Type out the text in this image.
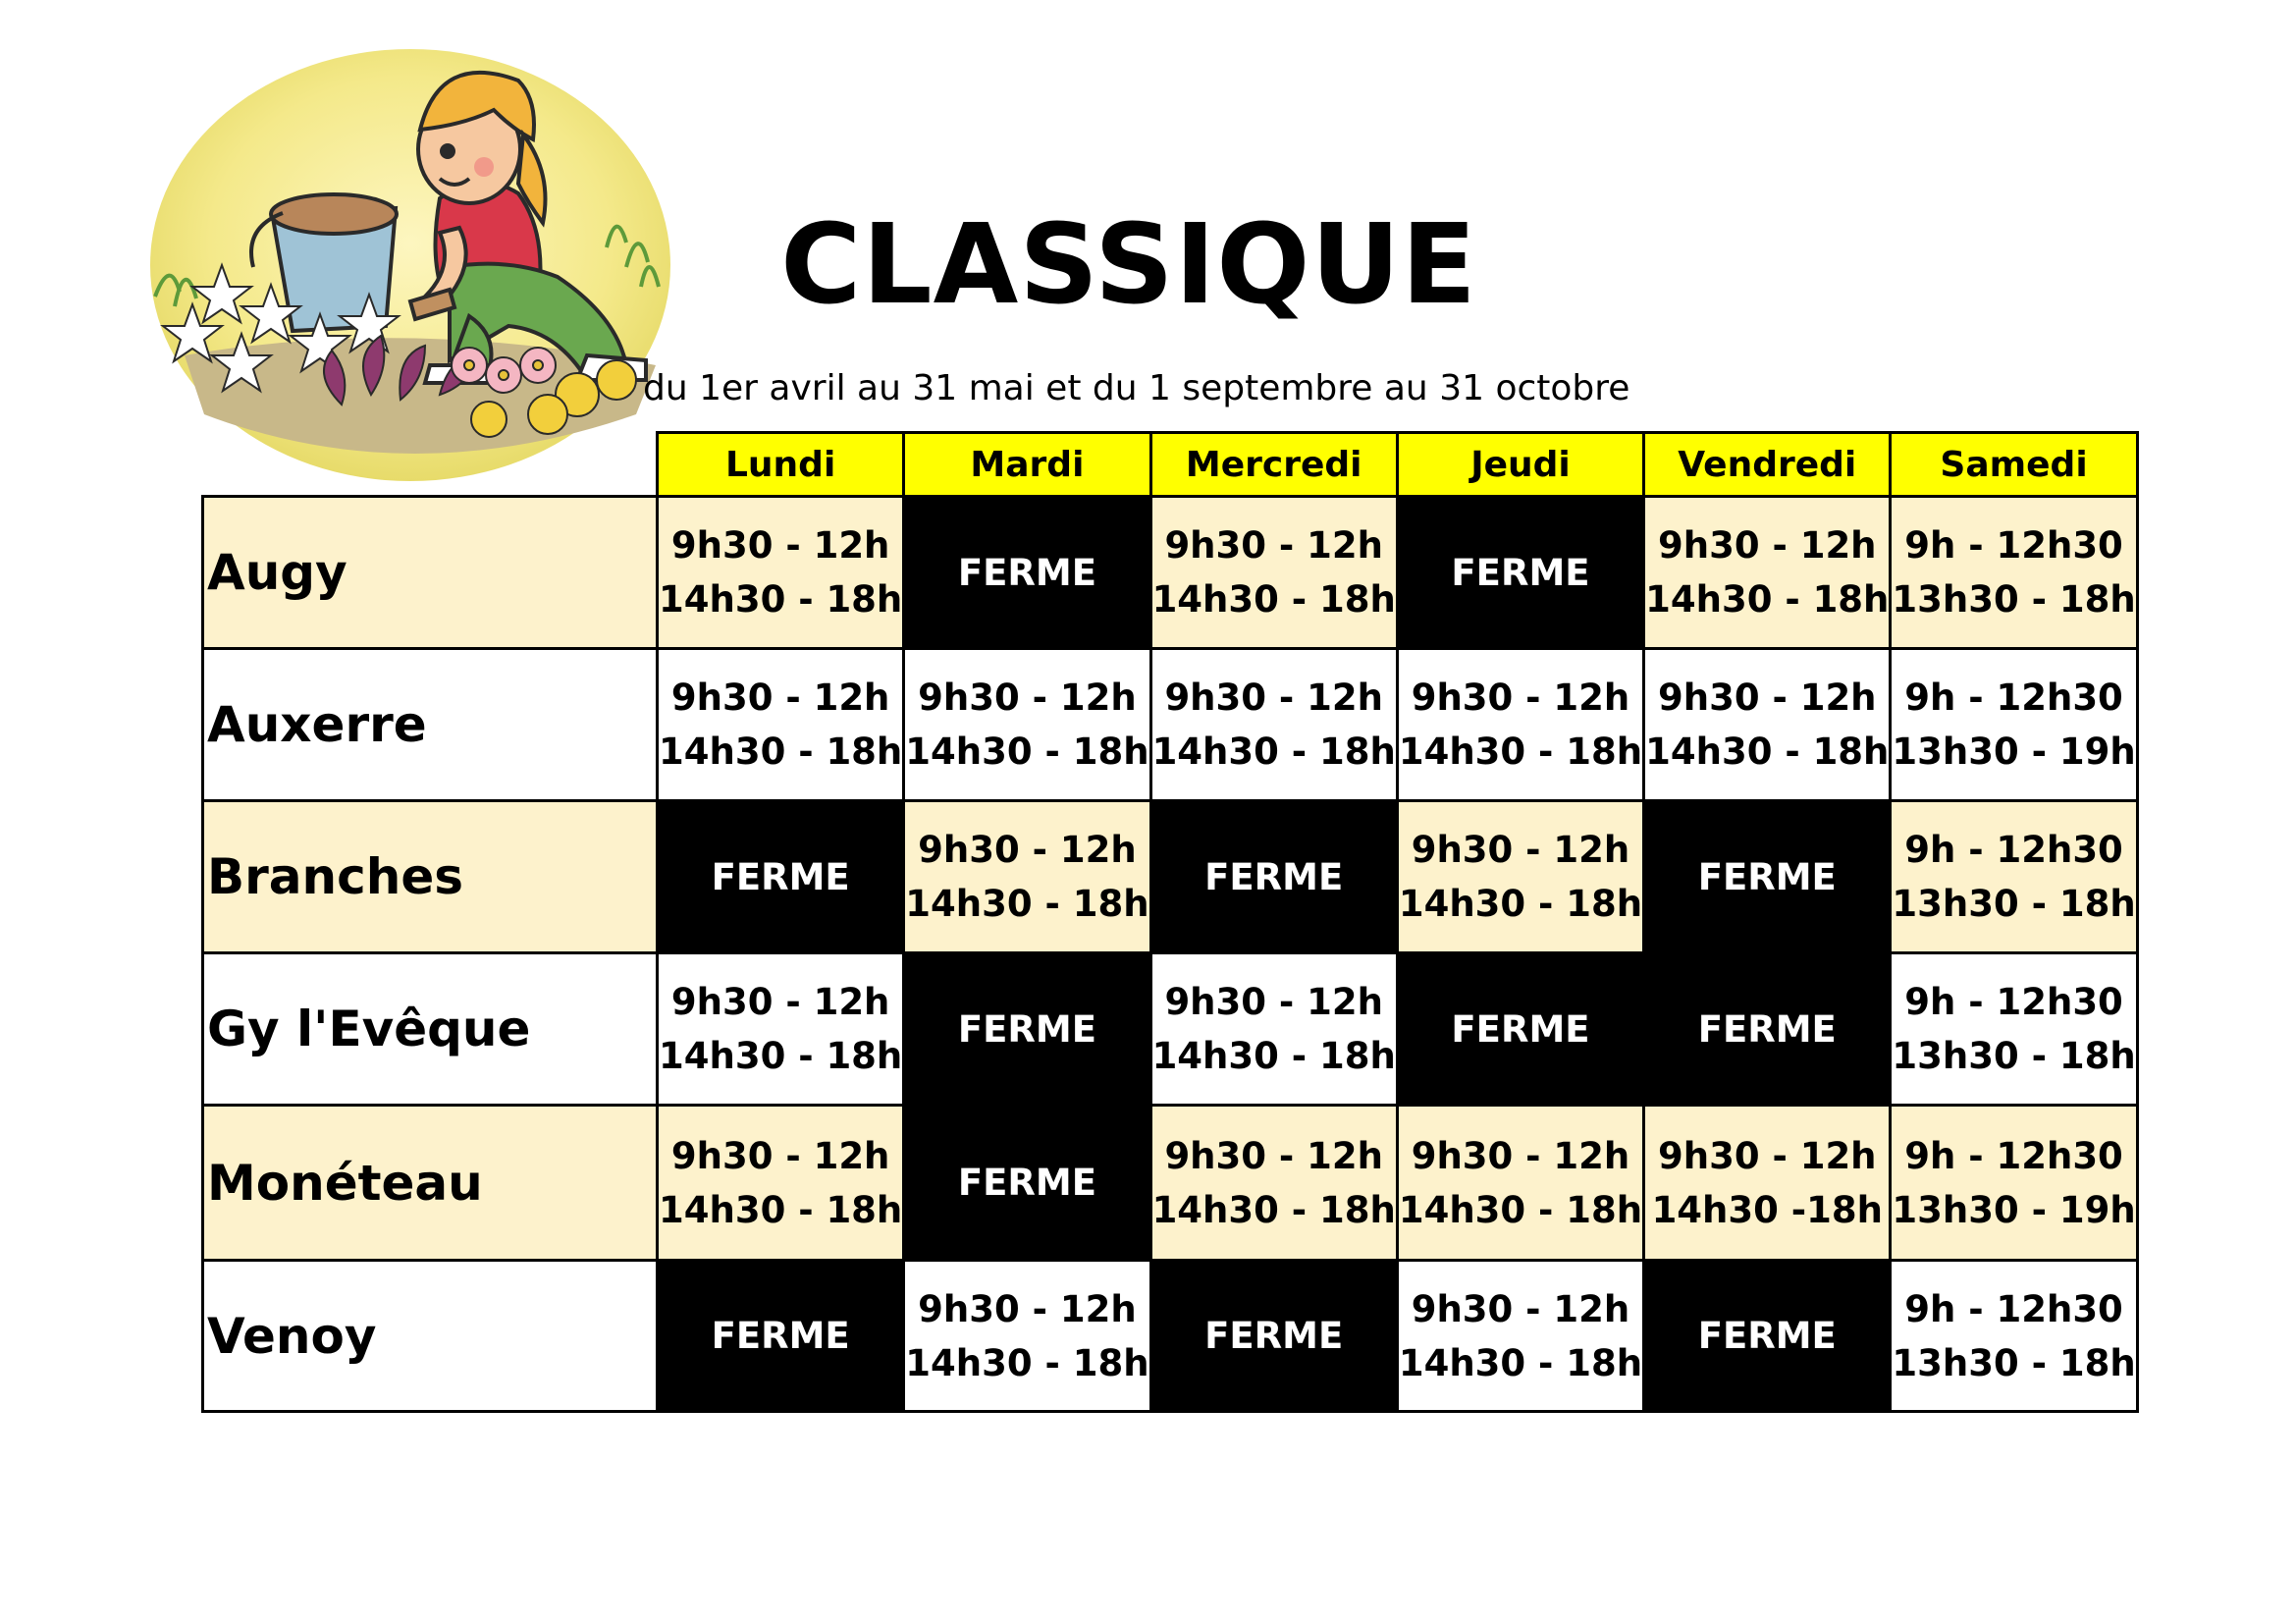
CLASSIQUE
du 1er avril au 31 mai et du 1 septembre au 31 octobre
	Lundi	Mardi	Mercredi	Jeudi	Vendredi	Samedi
Augy	9h30 - 12h
14h30 - 18h	FERME	9h30 - 12h
14h30 - 18h	FERME	9h30 - 12h
14h30 - 18h	9h - 12h30
13h30 - 18h

Auxerre	9h30 - 12h
14h30 - 18h	9h30 - 12h
14h30 - 18h	9h30 - 12h
14h30 - 18h	9h30 - 12h
14h30 - 18h	9h30 - 12h
14h30 - 18h	9h - 12h30
13h30 - 19h

Branches	FERME	9h30 - 12h
14h30 - 18h	FERME	9h30 - 12h
14h30 - 18h	FERME	9h - 12h30
13h30 - 18h

Gy l'Evêque	9h30 - 12h
14h30 - 18h	FERME	9h30 - 12h
14h30 - 18h	FERME	FERME	9h - 12h30
13h30 - 18h

Monéteau	9h30 - 12h
14h30 - 18h	FERME	9h30 - 12h
14h30 - 18h	9h30 - 12h
14h30 - 18h	9h30 - 12h
14h30 -18h	9h - 12h30
13h30 - 19h

Venoy	FERME	9h30 - 12h
14h30 - 18h	FERME	9h30 - 12h
14h30 - 18h	FERME	9h - 12h30
13h30 - 18h
